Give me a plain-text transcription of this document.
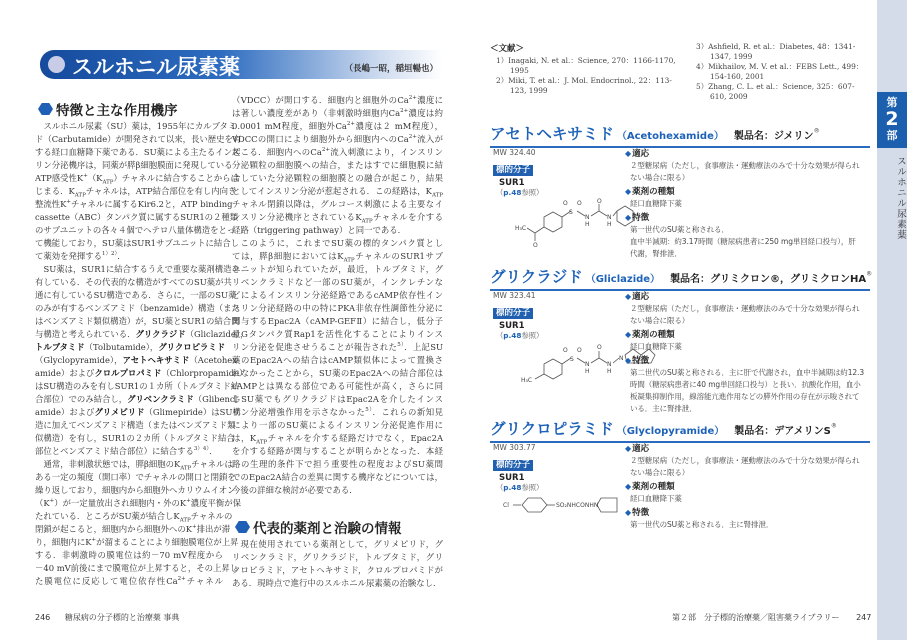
スルホニル尿素薬	（長嶋一昭，稲垣暢也）
特徴と主な作用機序
スルホニル尿素（SU）薬は，1955年にカルブタミ
ド（Carbutamide）が開発されて以来，長い歴史を有
する経口血糖降下薬である．SU薬による主たるインス
リン分泌機序は，同薬が膵β細胞膜面に発現している
ATP感受性$K^+(K_{ATP})$チャネルに結合することからは
じまる．$K_{ATP}$チャネルは，ATP結合部位を有し内向き
整流性K+チャネルに属するKir6.2と，ATP binding
cassette（ABC）タンパク質に属するSUR1の２種類
のサブユニットの各々４個でヘテロ八量体構造をとっ
て機能しており，SU薬はSUR1サブユニットに結合し
て薬効を発揮する$^{1)2)}$．
SU薬は，SUR1に結合するうえで重要な薬剤構造を
有している．その代表的な構造がすべてのSU薬が共
通に有しているSU構造である．さらに，一部のSU薬
のみが有するベンズアミド（benzamide）構造（また
はベンズアミド類似構造）が，SU薬とSUR1の結合関
与構造と考えられている．グリクラジド（Gliclazide），
トルブタミド（Tolbutamide），グリクロピラミド
（Glyclopyramide），アセトヘキサミド（Acetohex-
amide）およびクロルプロパミド（Chlorpropamide）
はSU構造のみを有しSUR1の１カ所（トルブタミド結
合部位）でのみ結合し，グリベンクラミド（Glibencl-
amide）およびグリメピリド（Glimepiride）はSU構
造に加えてベンズアミド構造（またはベンズアミド類
似構造）を有し，SUR1の２カ所（トルブタミド結合
部位とベンズアミド結合部位）に結合する$^{3)4)}$．
通常，非刺激状態では，膵β細胞の$K_{ATP}$チャネルは
ある一定の頻度（開口率）でチャネルの開口と閉鎖を
繰り返しており，細胞内から細胞外へカリウムイオン
（K+）が一定量放出され細胞内・外のK+濃度平衡が保
たれている．ところがSU薬が結合し$K_{ATP}$チャネルの
閉鎖が起こると，細胞内から細胞外へのK+排出が滞
り，細胞内にK+が溜まることにより細胞膜電位が上昇
する．非刺激時の膜電位は約－70 mV程度から
－40 mV前後にまで膜電位が上昇すると，その上昇し
た膜電位に反応して電位依存性$Ca^{2+}$チャネル
（VDCC）が開口する．細胞内と細胞外の$Ca^{2+}$濃度に
は著しい濃度差があり（非刺激時細胞内$Ca^{2+}$濃度は約
0.0001 mM程度，細胞外$Ca^{2+}$濃度は２ mM程度），
VDCCの開口により細胞外から細胞内への$Ca^{2+}$流入が
起こる．細胞内への$Ca^{2+}$流入刺激により，インスリン
分泌顆粒の細胞膜への結合，またはすでに細胞膜に結
合していた分泌顆粒の細胞膜との融合が起こり，結果
としてインスリン分泌が惹起される．この経路は，$K_{ATP}$
チャネル閉鎖以降は，グルコース刺激による主要なイ
ンスリン分泌機序とされている$K_{ATP}$チャネルを介する
経路（triggering pathway）と同一である．
このように，これまでSU薬の標的タンパク質とし
ては，膵β細胞においては$K_{ATP}$チャネルのSUR1サブ
ユニットが知られていたが，最近，トルブタミド，グ
リベンクラミドなど一部のSU薬が，インクレチンな
どによるインスリン分泌経路であるcAMP依存性イン
スリン分泌経路の中の特にPKA非依存性調節性分泌に
関与するEpac2A（cAMP-GEFⅡ）に結合し，低分子
量Gタンパク質Rap1を活性化することによりインス
リン分泌を促進させうることが報告された$^{5)}$．上記SU
薬のEpac2Aへの結合はcAMP類似体によって置換さ
れなかったことから，SU薬のEpac2Aへの結合部位は
cAMPとは異なる部位である可能性が高く，さらに同
じSU薬でもグリクラジドはEpac2Aを介したインス
リン分泌増強作用を示さなかった$^{5)}$．これらの新知見
により一部のSU薬によるインスリン分泌促進作用に
は，$K_{ATP}$チャネルを介する経路だけでなく，Epac2A
を介する経路が関与することが明らかとなった．本経
路の生理的条件下で担う重要性の程度およびSU薬間
でのEpac2A結合の差異に関する機序などについては，
今後の詳細な検討が必要である．
代表的薬剤と治験の情報
現在使用されている薬剤として，グリメピリド，グ
リベンクラミド，グリクラジド，トルブタミド，グリ
クロピラミド，アセトヘキサミド，クロルプロパミドが
ある．現時点で進行中のスルホニル尿素薬の治験なし．
246 糖尿病の分子標的と治療薬 事典
＜文献＞
1）Inagaki, N. et al.：Science, 270：1166-1170, 1995
2）Miki, T. et al.：J. Mol. Endocrinol., 22：113-123, 1999
3）Ashfield, R. et al.：Diabetes, 48：1341-1347, 1999
4）Mikhailov, M. V. et al.：FEBS Lett., 499：154-160, 2001
5）Zhang, C. L. et al.：Science, 325：607-610, 2009	第
2
部
スルホニル尿素薬
アセトヘキサミド （Acetohexamide） 製品名：ジメリン®
MW 324.40
標的分子
SUR1
（p.48参照）
H₃C
O
S
O O
N
H
N
H
O
◆適応
２型糖尿病（ただし，食事療法・運動療法のみで十分な効果が得られ
ない場合に限る）
◆薬剤の種類
経口血糖降下薬
◆特徴
第一世代のSU薬と称される．
血中半減期：約3.17時間（糖尿病患者に250 mg単回経口投与），肝
代謝，腎排泄．
グリクラジド （Gliclazide） 製品名：グリミクロン®，グリミクロンHA®
MW 323.41
標的分子
SUR1
（p.48参照）
H₃C
O
S
O
N
H
O
N
H
N
◆適応
２型糖尿病（ただし，食事療法・運動療法のみで十分な効果が得られ
ない場合に限る）
◆薬剤の種類
経口血糖降下薬
◆特徴
第二世代のSU薬と称される．主に肝で代謝され，血中半減期は約12.3
時間（糖尿病患者に40 mg単回経口投与）と長い．抗酸化作用，血小
板凝集抑制作用，線溶能亢進作用などの膵外作用の存在が示唆されて
いる．主に腎排泄．
グリクロピラミド （Glyclopyramide） 製品名：デアメリンS®
MW 303.77
標的分子
SUR1
（p.48参照）
Cl	SO₂NHCONHN
◆適応
２型糖尿病（ただし，食事療法・運動療法のみで十分な効果が得られ
ない場合に限る）
◆薬剤の種類
経口血糖降下薬
◆特徴
第一世代のSU薬と称される．主に腎排泄．
第２部　分子標的治療薬／阻害薬ライブラリー 247
